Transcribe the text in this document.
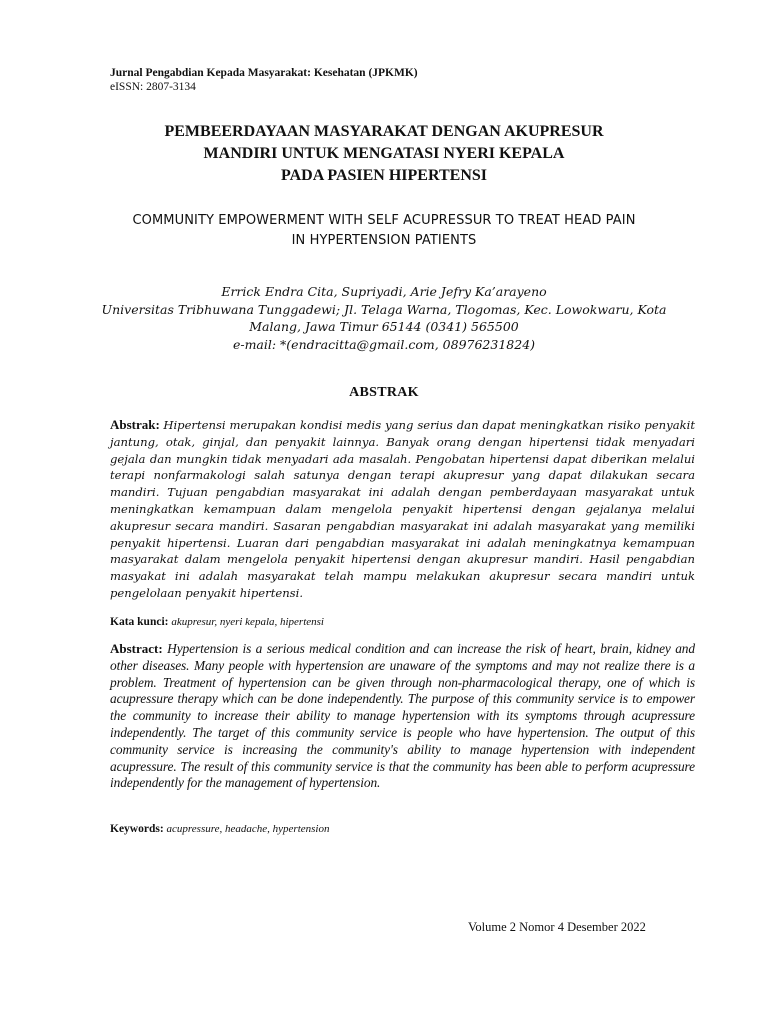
Jurnal Pengabdian Kepada Masyarakat: Kesehatan (JPKMK)
eISSN: 2807-3134
PEMBEERDAYAAN MASYARAKAT DENGAN AKUPRESUR
MANDIRI UNTUK MENGATASI NYERI KEPALA
PADA PASIEN HIPERTENSI
COMMUNITY EMPOWERMENT WITH SELF ACUPRESSUR TO TREAT HEAD PAIN
IN HYPERTENSION PATIENTS
Errick Endra Cita, Supriyadi, Arie Jefry Ka’arayeno
Universitas Tribhuwana Tunggadewi; Jl. Telaga Warna, Tlogomas, Kec. Lowokwaru, Kota
Malang, Jawa Timur 65144 (0341) 565500
e-mail: *(endracitta@gmail.com, 08976231824)
ABSTRAK
Abstrak: Hipertensi merupakan kondisi medis yang serius dan dapat meningkatkan risiko penyakit jantung, otak, ginjal, dan penyakit lainnya. Banyak orang dengan hipertensi tidak menyadari gejala dan mungkin tidak menyadari ada masalah. Pengobatan hipertensi dapat diberikan melalui terapi nonfarmakologi salah satunya dengan terapi akupresur yang dapat dilakukan secara mandiri. Tujuan pengabdian masyarakat ini adalah dengan pemberdayaan masyarakat untuk meningkatkan kemampuan dalam mengelola penyakit hipertensi dengan gejalanya melalui akupresur secara mandiri. Sasaran pengabdian masyarakat ini adalah masyarakat yang memiliki penyakit hipertensi. Luaran dari pengabdian masyarakat ini adalah meningkatnya kemampuan masyarakat dalam mengelola penyakit hipertensi dengan akupresur mandiri. Hasil pengabdian masyakat ini adalah masyarakat telah mampu melakukan akupresur secara mandiri untuk pengelolaan penyakit hipertensi.
Kata kunci: akupresur, nyeri kepala, hipertensi
Abstract: Hypertension is a serious medical condition and can increase the risk of heart, brain, kidney and other diseases. Many people with hypertension are unaware of the symptoms and may not realize there is a problem. Treatment of hypertension can be given through non-pharmacological therapy, one of which is acupressure therapy which can be done independently. The purpose of this community service is to empower the community to increase their ability to manage hypertension with its symptoms through acupressure independently. The target of this community service is people who have hypertension. The output of this community service is increasing the community's ability to manage hypertension with independent acupressure. The result of this community service is that the community has been able to perform acupressure independently for the management of hypertension.
Keywords: acupressure, headache, hypertension
Volume 2 Nomor 4 Desember 2022
